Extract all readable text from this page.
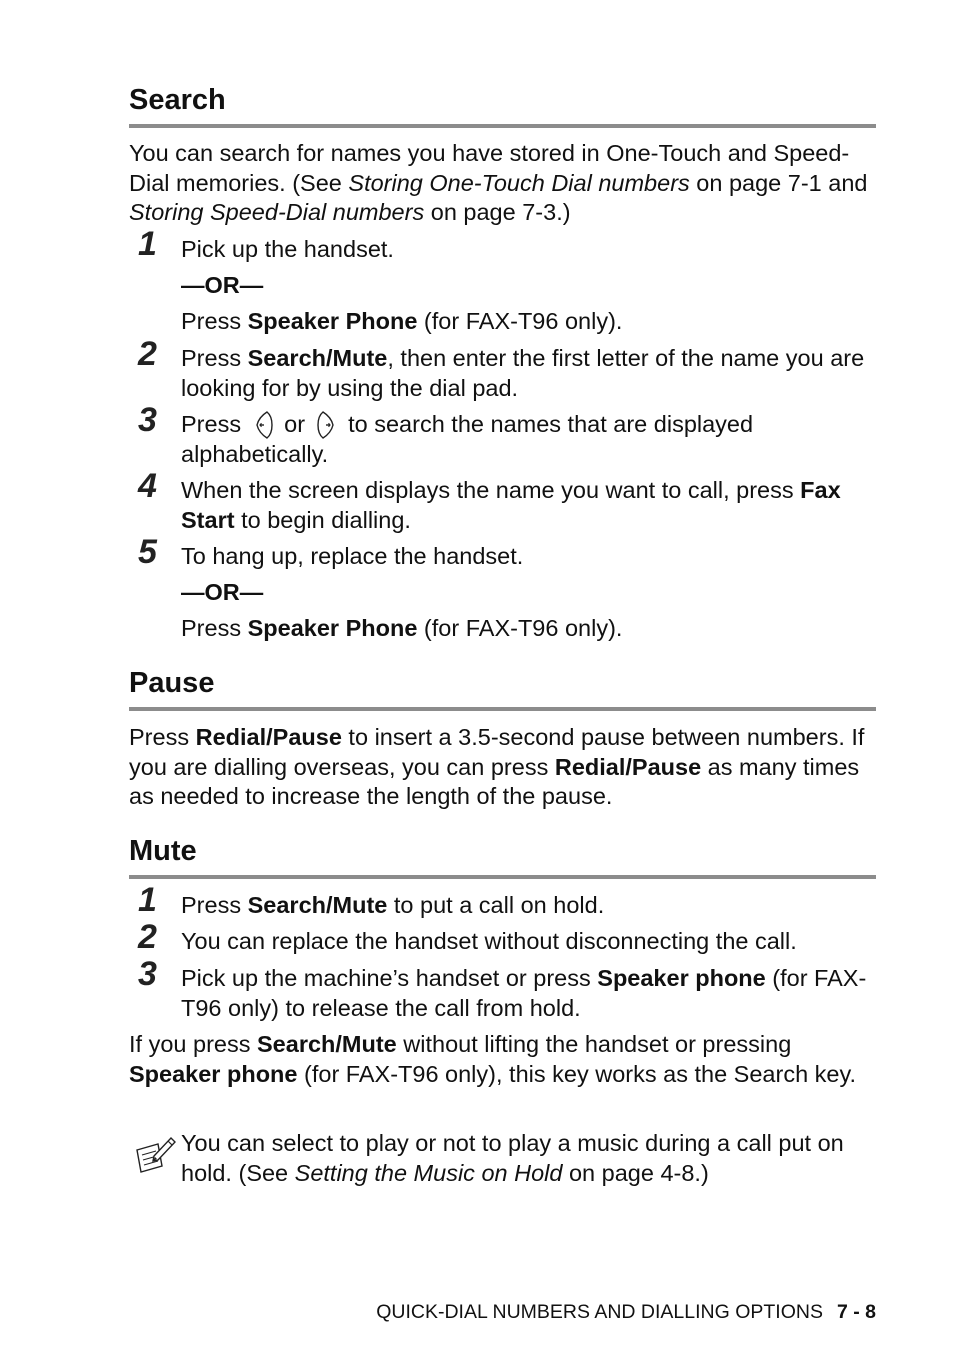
Search

You can search for names you have stored in One-Touch and Speed-Dial memories. (See Storing One-Touch Dial numbers on page 7-1 and Storing Speed-Dial numbers on page 7-3.)

1	Pick up the handset.

—OR—

Press Speaker Phone (for FAX-T96 only).

2	Press Search/Mute, then enter the first letter of the name you are looking for by using the dial pad.

3	Press  or  to search the names that are displayed alphabetically.

4	When the screen displays the name you want to call, press Fax Start to begin dialling.

5	To hang up, replace the handset.

—OR—

Press Speaker Phone (for FAX-T96 only).

Pause

Press Redial/Pause to insert a 3.5-second pause between numbers. If you are dialling overseas, you can press Redial/Pause as many times as needed to increase the length of the pause.

Mute
1	Press Search/Mute to put a call on hold.

2	You can replace the handset without disconnecting the call.

3	Pick up the machine’s handset or press Speaker phone (for FAX-T96 only) to release the call from hold.

If you press Search/Mute without lifting the handset or pressing Speaker phone (for FAX-T96 only), this key works as the Search key.

You can select to play or not to play a music during a call put on hold. (See Setting the Music on Hold on page 4-8.)

QUICK-DIAL NUMBERS AND DIALLING OPTIONS 7 - 8
